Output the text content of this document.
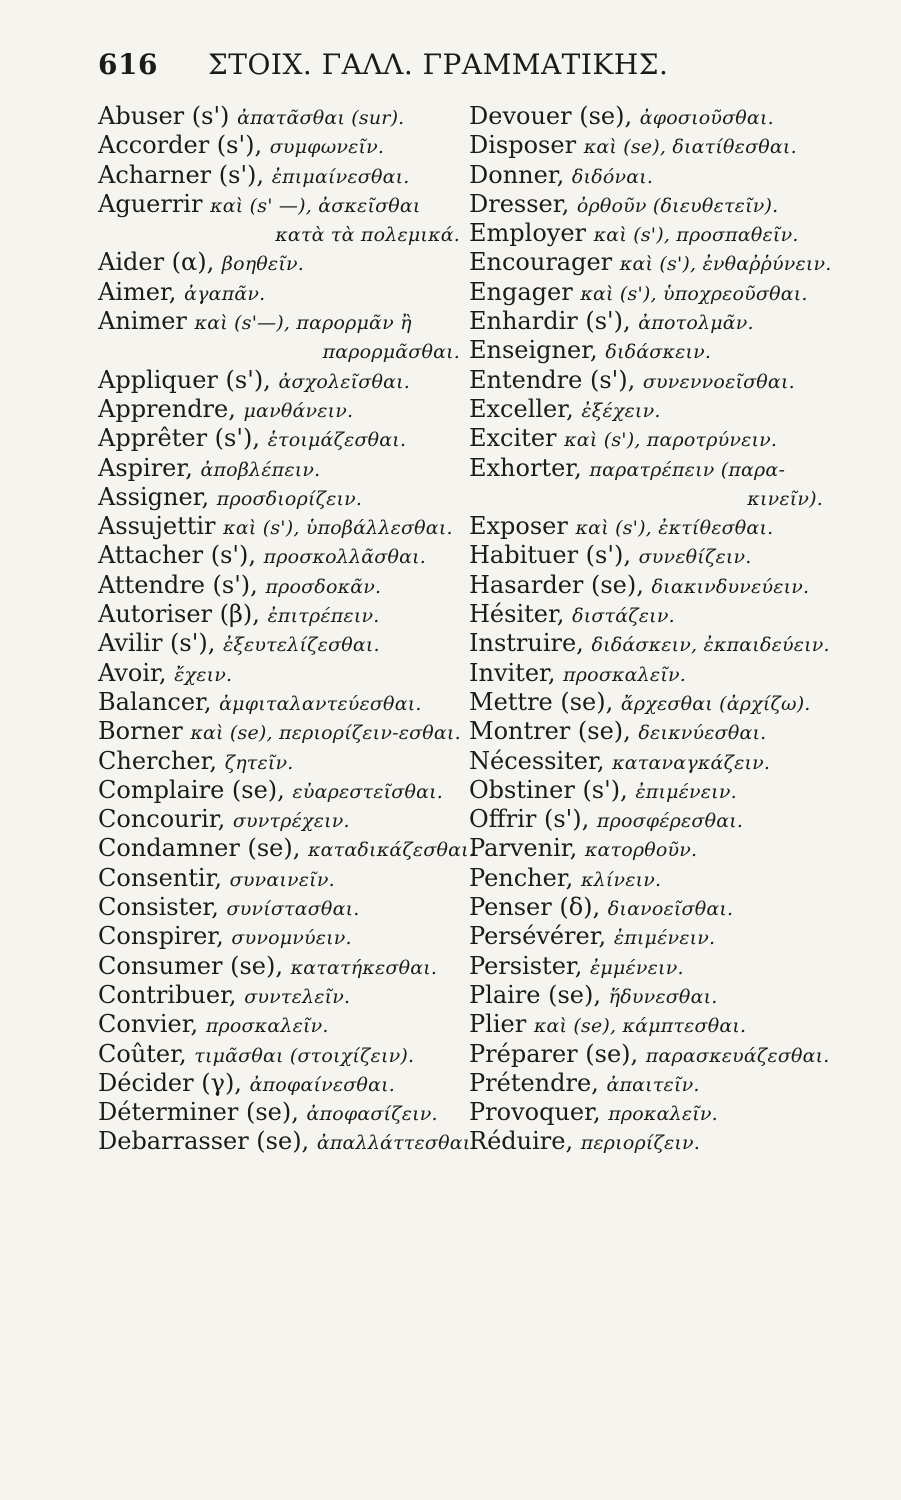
616 ΣΤΟΙΧ. ΓΑΛΛ. ΓΡΑΜΜΑΤΙΚΗΣ.
Abuser (s') ἀπατᾶσθαι (sur).
Accorder (s'), συμφωνεῖν.
Acharner (s'), ἐπιμαίνεσθαι.
Aguerrir καὶ (s' —), ἀσκεῖσθαι
κατὰ τὰ πολεμικά.
Aider (α), βοηθεῖν.
Aimer, ἀγαπᾶν.
Animer καὶ (s'—), παρορμᾶν ἢ
παρορμᾶσθαι.
Appliquer (s'), ἀσχολεῖσθαι.
Apprendre, μανθάνειν.
Apprêter (s'), ἑτοιμάζεσθαι.
Aspirer, ἀποβλέπειν.
Assigner, προσδιορίζειν.
Assujettir καὶ (s'), ὑποβάλλεσθαι.
Attacher (s'), προσκολλᾶσθαι.
Attendre (s'), προσδοκᾶν.
Autoriser (β), ἐπιτρέπειν.
Avilir (s'), ἐξευτελίζεσθαι.
Avoir, ἔχειν.
Balancer, ἀμφιταλαντεύεσθαι.
Borner καὶ (se), περιορίζειν-εσθαι.
Chercher, ζητεῖν.
Complaire (se), εὐαρεστεῖσθαι.
Concourir, συντρέχειν.
Condamner (se), καταδικάζεσθαι.
Consentir, συναινεῖν.
Consister, συνίστασθαι.
Conspirer, συνομνύειν.
Consumer (se), κατατήκεσθαι.
Contribuer, συντελεῖν.
Convier, προσκαλεῖν.
Coûter, τιμᾶσθαι (στοιχίζειν).
Décider (γ), ἀποφαίνεσθαι.
Déterminer (se), ἀποφασίζειν.
Debarrasser (se), ἀπαλλάττεσθαι.
Devouer (se), ἀφοσιοῦσθαι.
Disposer καὶ (se), διατίθεσθαι.
Donner, διδόναι.
Dresser, ὀρθοῦν (διευθετεῖν).
Employer καὶ (s'), προσπαθεῖν.
Encourager καὶ (s'), ἐνθαῤῥύνειν.
Engager καὶ (s'), ὑποχρεοῦσθαι.
Enhardir (s'), ἀποτολμᾶν.
Enseigner, διδάσκειν.
Entendre (s'), συνεννοεῖσθαι.
Exceller, ἐξέχειν.
Exciter καὶ (s'), παροτρύνειν.
Exhorter, παρατρέπειν (παρα-
κινεῖν).
Exposer καὶ (s'), ἐκτίθεσθαι.
Habituer (s'), συνεθίζειν.
Hasarder (se), διακινδυνεύειν.
Hésiter, διστάζειν.
Instruire, διδάσκειν, ἐκπαιδεύειν.
Inviter, προσκαλεῖν.
Mettre (se), ἄρχεσθαι (ἀρχίζω).
Montrer (se), δεικνύεσθαι.
Nécessiter, καταναγκάζειν.
Obstiner (s'), ἐπιμένειν.
Offrir (s'), προσφέρεσθαι.
Parvenir, κατορθοῦν.
Pencher, κλίνειν.
Penser (δ), διανοεῖσθαι.
Persévérer, ἐπιμένειν.
Persister, ἐμμένειν.
Plaire (se), ἥδυνεσθαι.
Plier καὶ (se), κάμπτεσθαι.
Préparer (se), παρασκευάζεσθαι.
Prétendre, ἀπαιτεῖν.
Provoquer, προκαλεῖν.
Réduire, περιορίζειν.
